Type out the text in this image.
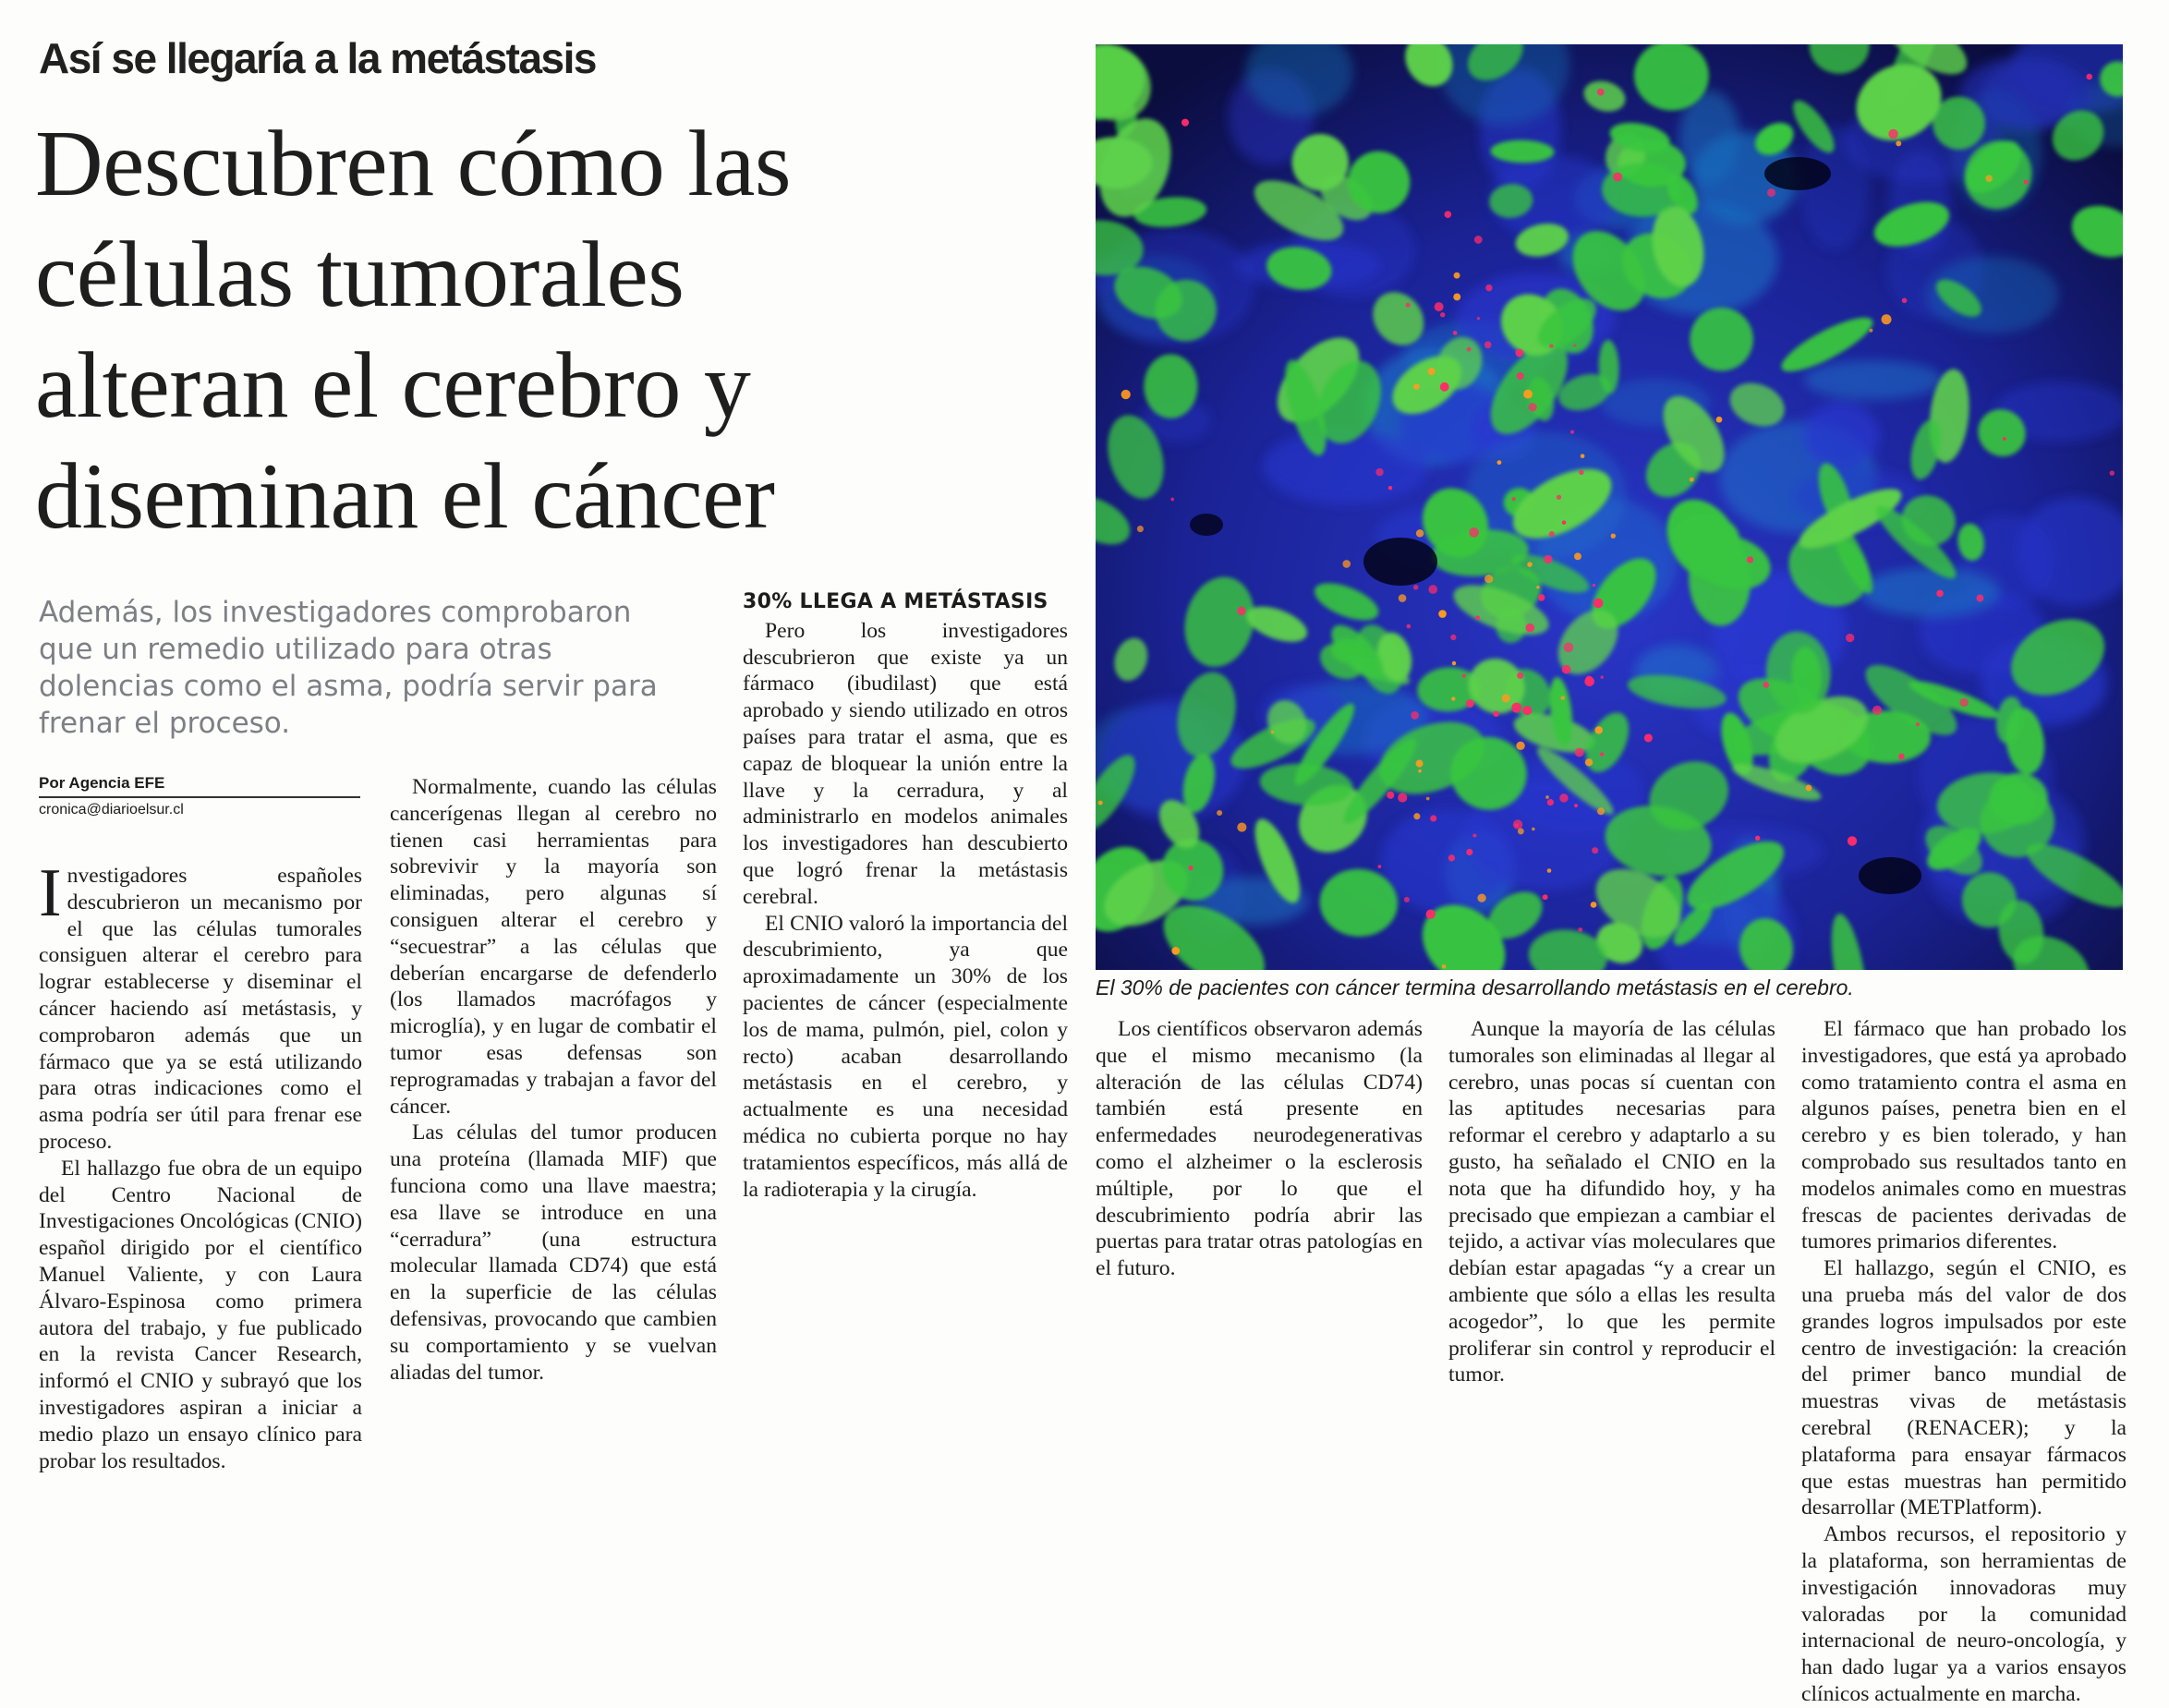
Así se llegaría a la metástasis
Descubren cómo las
células tumorales
alteran el cerebro y
diseminan el cáncer
Además, los investigadores comprobaron
que un remedio utilizado para otras
dolencias como el asma, podría servir para
frenar el proceso.
Por Agencia EFE
cronica@diarioelsur.cl

Investigadores españoles descubrieron un mecanismo por el que las células tumorales consiguen alterar el cerebro para lograr establecerse y diseminar el cáncer haciendo así metástasis, y comprobaron además que un fármaco que ya se está utilizando para otras indicaciones como el asma podría ser útil para frenar ese proceso.

El hallazgo fue obra de un equipo del Centro Nacional de Investigaciones Oncológicas (CNIO) español dirigido por el científico Manuel Valiente, y con Laura Álvaro-Espinosa como primera autora del trabajo, y fue publicado en la revista Cancer Research, informó el CNIO y subrayó que los investigadores aspiran a iniciar a medio plazo un ensayo clínico para probar los resultados.

Normalmente, cuando las células cancerígenas llegan al cerebro no tienen casi herramientas para sobrevivir y la mayoría son eliminadas, pero algunas sí consiguen alterar el cerebro y “secuestrar” a las células que deberían encargarse de defenderlo (los llamados macrófagos y microglía), y en lugar de combatir el tumor esas defensas son reprogramadas y trabajan a favor del cáncer.

Las células del tumor producen una proteína (llamada MIF) que funciona como una llave maestra; esa llave se introduce en una “cerradura” (una estructura molecular llamada CD74) que está en la superficie de las células defensivas, provocando que cambien su comportamiento y se vuelvan aliadas del tumor.

30% LLEGA A METÁSTASIS

Pero los investigadores descubrieron que existe ya un fármaco (ibudilast) que está aprobado y siendo utilizado en otros países para tratar el asma, que es capaz de bloquear la unión entre la llave y la cerradura, y al administrarlo en modelos animales los investigadores han descubierto que logró frenar la metástasis cerebral.

El CNIO valoró la importancia del descubrimiento, ya que aproximadamente un 30% de los pacientes de cáncer (especialmente los de mama, pulmón, piel, colon y recto) acaban desarrollando metástasis en el cerebro, y actualmente es una necesidad médica no cubierta porque no hay tratamientos específicos, más allá de la radioterapia y la cirugía.

Los científicos observaron además que el mismo mecanismo (la alteración de las células CD74) también está presente en enfermedades neurodegenerativas como el alzheimer o la esclerosis múltiple, por lo que el descubrimiento podría abrir las puertas para tratar otras patologías en el futuro.

Aunque la mayoría de las células tumorales son eliminadas al llegar al cerebro, unas pocas sí cuentan con las aptitudes necesarias para reformar el cerebro y adaptarlo a su gusto, ha señalado el CNIO en la nota que ha difundido hoy, y ha precisado que empiezan a cambiar el tejido, a activar vías moleculares que debían estar apagadas “y a crear un ambiente que sólo a ellas les resulta acogedor”, lo que les permite proliferar sin control y reproducir el tumor.

El fármaco que han probado los investigadores, que está ya aprobado como tratamiento contra el asma en algunos países, penetra bien en el cerebro y es bien tolerado, y han comprobado sus resultados tanto en modelos animales como en muestras frescas de pacientes derivadas de tumores primarios diferentes.

El hallazgo, según el CNIO, es una prueba más del valor de dos grandes logros impulsados por este centro de investigación: la creación del primer banco mundial de muestras vivas de metástasis cerebral (RENACER); y la plataforma para ensayar fármacos que estas muestras han permitido desarrollar (METPlatform).

Ambos recursos, el repositorio y la plataforma, son herramientas de investigación innovadoras muy valoradas por la comunidad internacional de neuro-oncología, y han dado lugar ya a varios ensayos clínicos actualmente en marcha.

El 30% de pacientes con cáncer termina desarrollando metástasis en el cerebro.
